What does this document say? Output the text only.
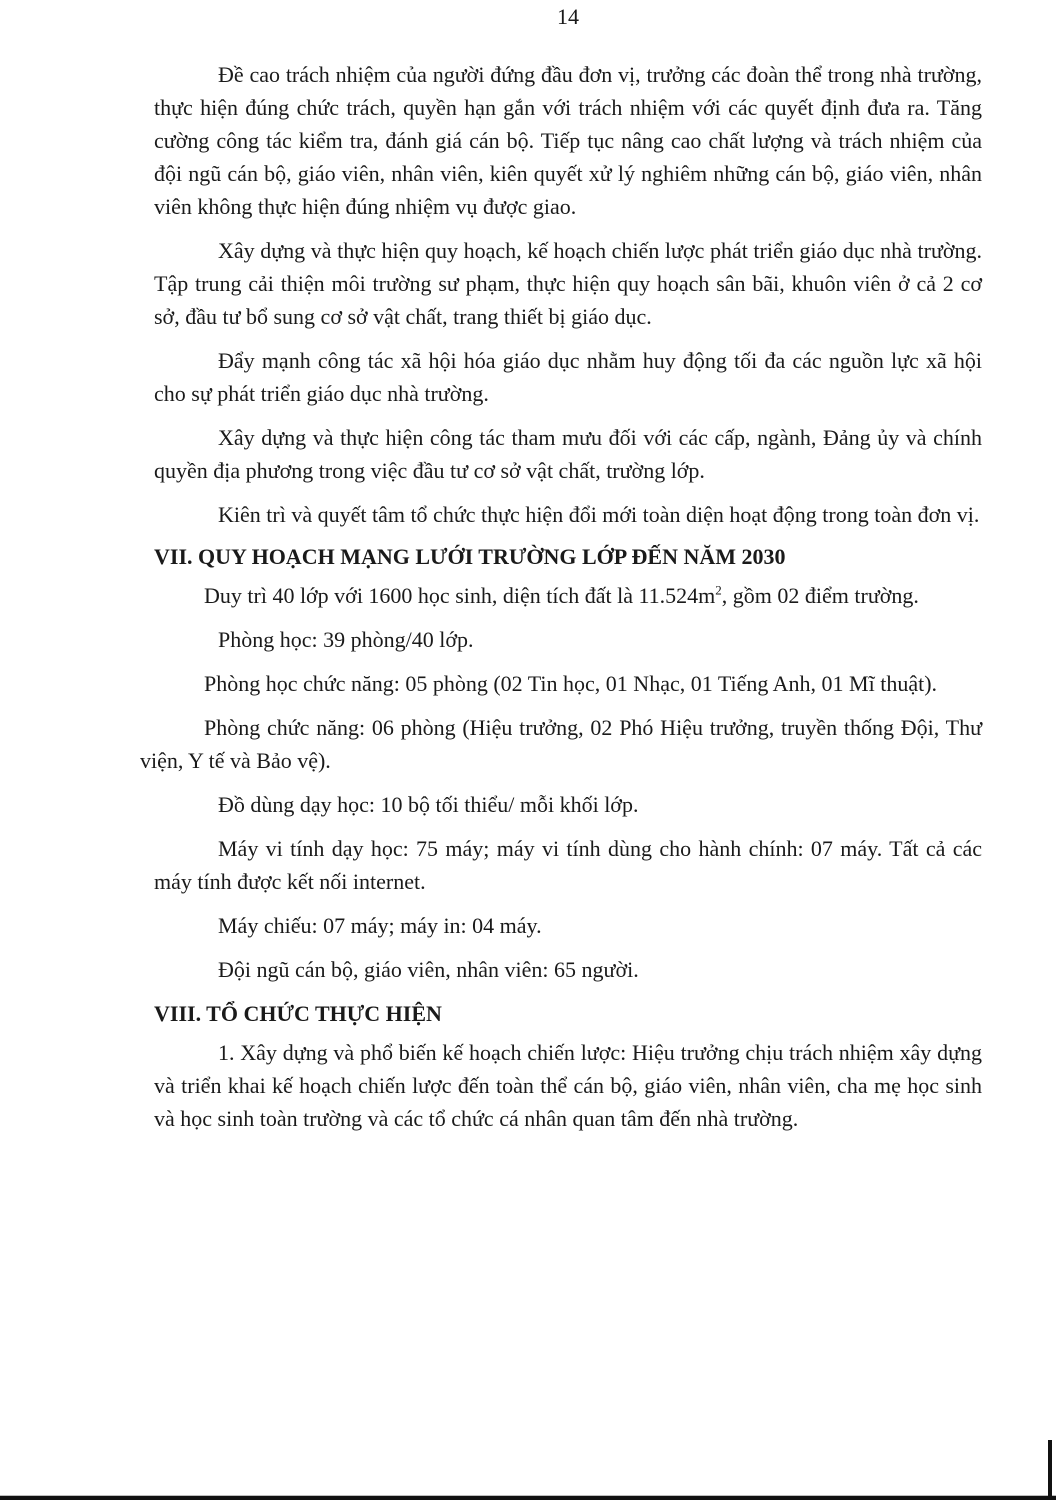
14

Đề cao trách nhiệm của người đứng đầu đơn vị, trưởng các đoàn thể trong nhà trường, thực hiện đúng chức trách, quyền hạn gắn với trách nhiệm với các quyết định đưa ra. Tăng cường công tác kiểm tra, đánh giá cán bộ. Tiếp tục nâng cao chất lượng và trách nhiệm của đội ngũ cán bộ, giáo viên, nhân viên, kiên quyết xử lý nghiêm những cán bộ, giáo viên, nhân viên không thực hiện đúng nhiệm vụ được giao.

Xây dựng và thực hiện quy hoạch, kế hoạch chiến lược phát triển giáo dục nhà trường. Tập trung cải thiện môi trường sư phạm, thực hiện quy hoạch sân bãi, khuôn viên ở cả 2 cơ sở, đầu tư bổ sung cơ sở vật chất, trang thiết bị giáo dục.

Đẩy mạnh công tác xã hội hóa giáo dục nhằm huy động tối đa các nguồn lực xã hội cho sự phát triển giáo dục nhà trường.

Xây dựng và thực hiện công tác tham mưu đối với các cấp, ngành, Đảng ủy và chính quyền địa phương trong việc đầu tư cơ sở vật chất, trường lớp.

Kiên trì và quyết tâm tổ chức thực hiện đổi mới toàn diện hoạt động trong toàn đơn vị.

VII. QUY HOẠCH MẠNG LƯỚI TRƯỜNG LỚP ĐẾN NĂM 2030

Duy trì 40 lớp với 1600 học sinh, diện tích đất là $11.524m^2$, gồm 02 điểm trường.

Phòng học: 39 phòng/40 lớp.

Phòng học chức năng: 05 phòng (02 Tin học, 01 Nhạc, 01 Tiếng Anh, 01 Mĩ thuật).

Phòng chức năng: 06 phòng (Hiệu trưởng, 02 Phó Hiệu trưởng, truyền thống Đội, Thư viện, Y tế và Bảo vệ).

Đồ dùng dạy học: 10 bộ tối thiểu/ mỗi khối lớp.

Máy vi tính dạy học: 75 máy; máy vi tính dùng cho hành chính: 07 máy. Tất cả các máy tính được kết nối internet.

Máy chiếu: 07 máy; máy in: 04 máy.

Đội ngũ cán bộ, giáo viên, nhân viên: 65 người.

VIII. TỔ CHỨC THỰC HIỆN

1. Xây dựng và phổ biến kế hoạch chiến lược: Hiệu trưởng chịu trách nhiệm xây dựng và triển khai kế hoạch chiến lược đến toàn thể cán bộ, giáo viên, nhân viên, cha mẹ học sinh và học sinh toàn trường và các tổ chức cá nhân quan tâm đến nhà trường.
